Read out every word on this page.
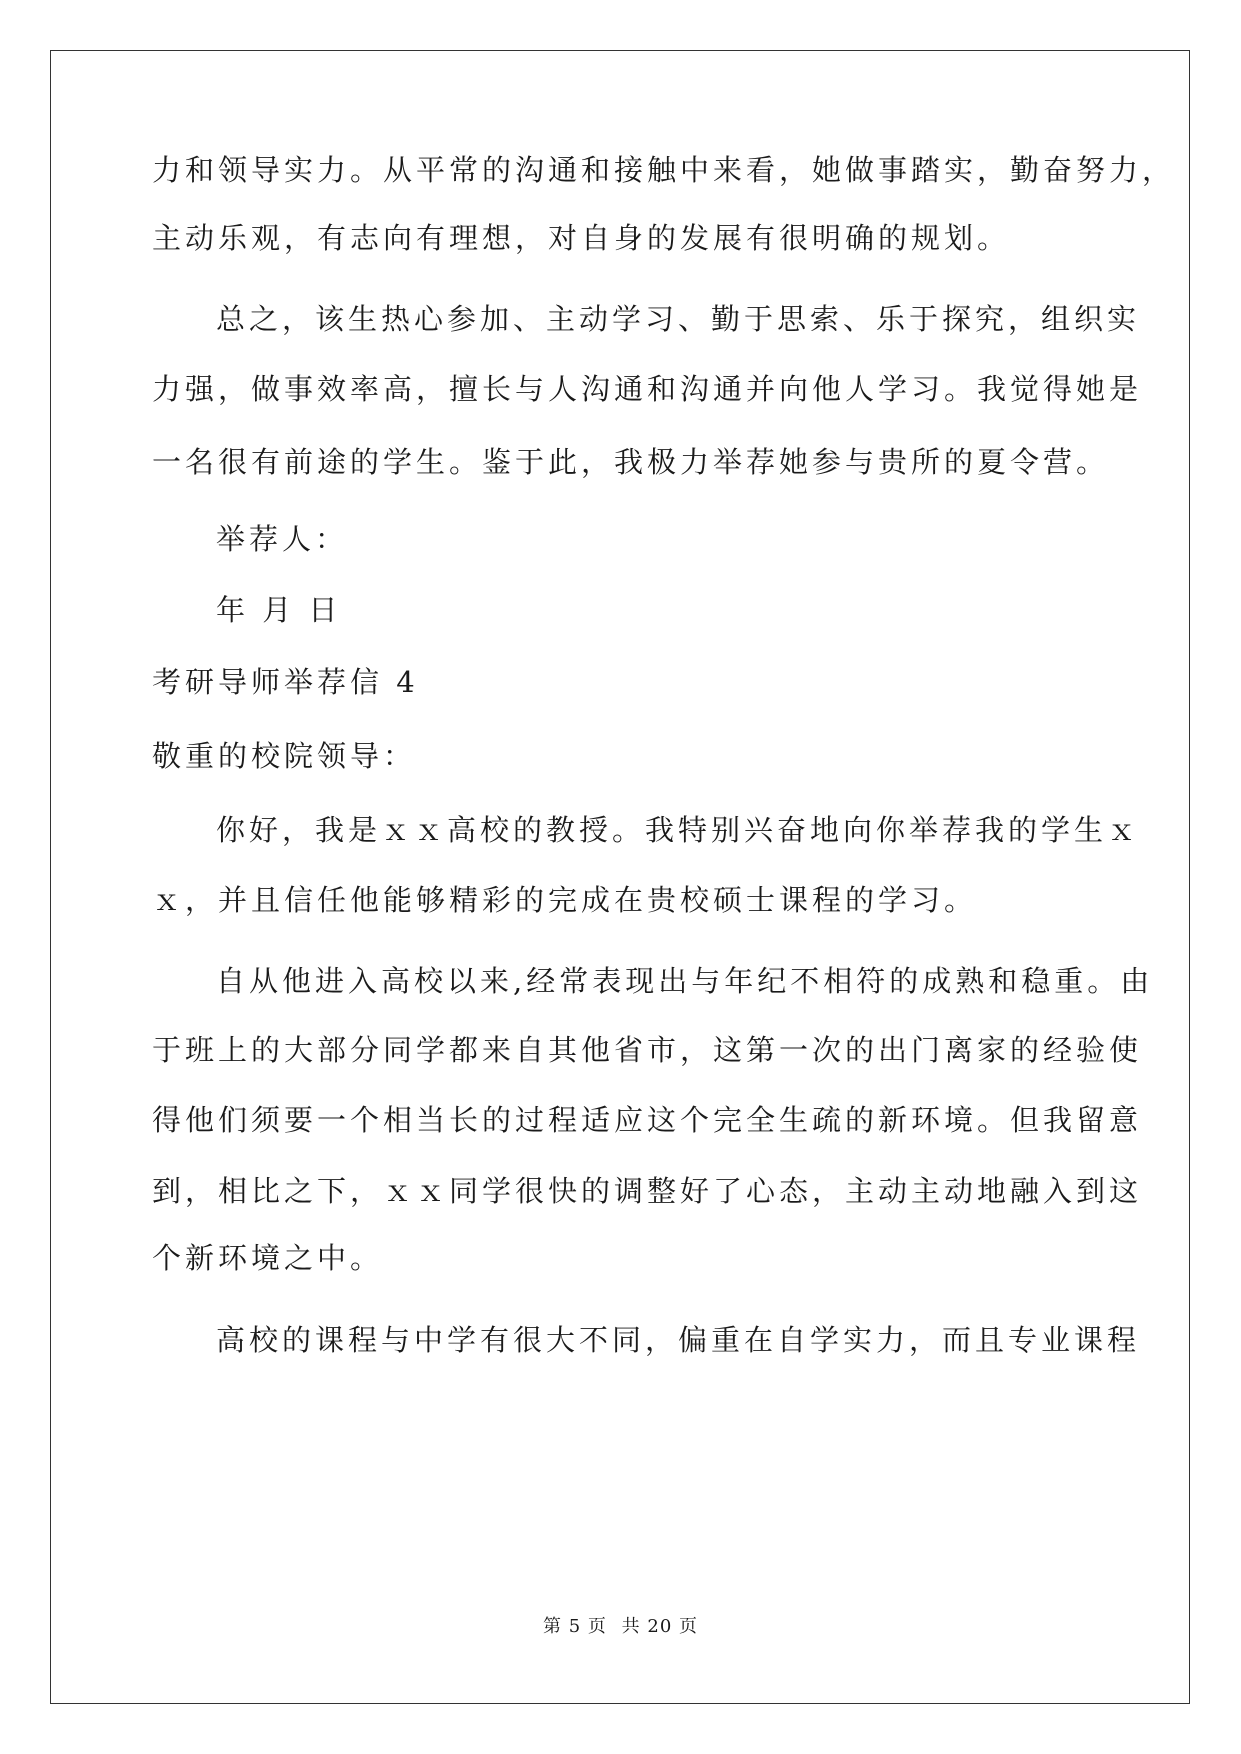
力和领导实力。从平常的沟通和接触中来看，她做事踏实，勤奋努力，
主动乐观，有志向有理想，对自身的发展有很明确的规划。
总之，该生热心参加、主动学习、勤于思索、乐于探究，组织实
力强，做事效率高，擅长与人沟通和沟通并向他人学习。我觉得她是
一名很有前途的学生。鉴于此，我极力举荐她参与贵所的夏令营。
举荐人：
年 月 日
考研导师举荐信 4
敬重的校院领导：
你好，我是ｘｘ高校的教授。我特别兴奋地向你举荐我的学生ｘ
ｘ，并且信任他能够精彩的完成在贵校硕士课程的学习。
自从他进入高校以来,经常表现出与年纪不相符的成熟和稳重。由
于班上的大部分同学都来自其他省市，这第一次的出门离家的经验使
得他们须要一个相当长的过程适应这个完全生疏的新环境。但我留意
到，相比之下，ｘｘ同学很快的调整好了心态，主动主动地融入到这
个新环境之中。
高校的课程与中学有很大不同，偏重在自学实力，而且专业课程
第 5 页 共 20 页
